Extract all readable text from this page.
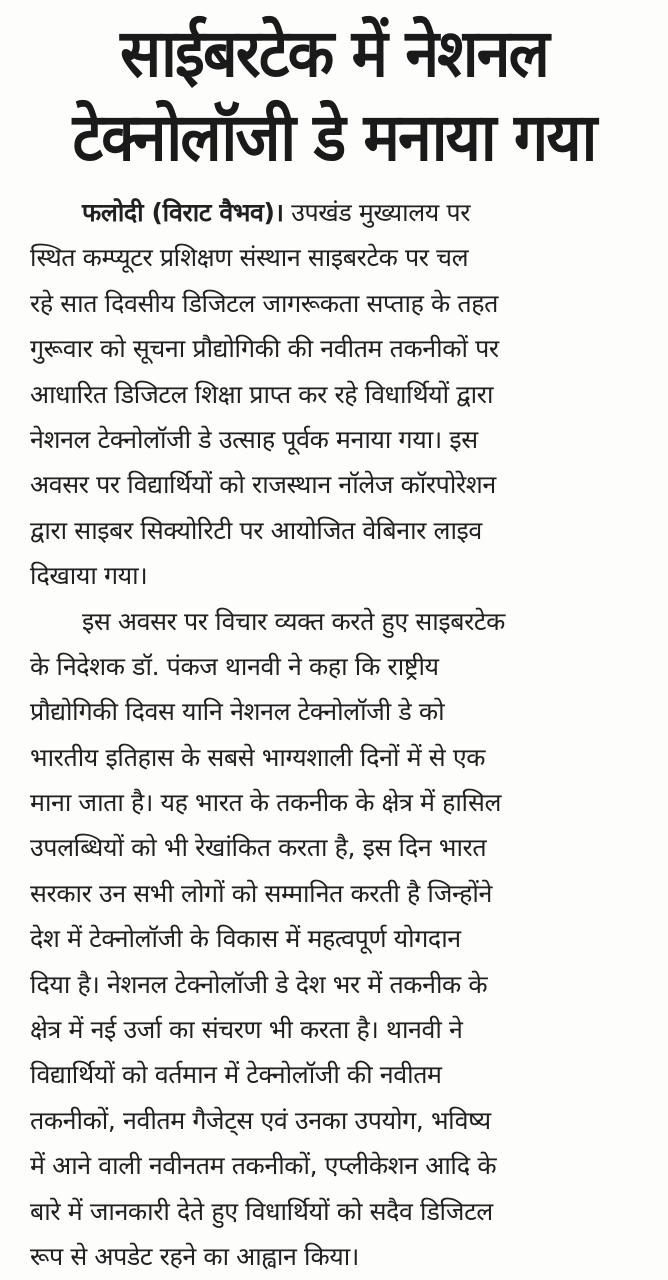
साईबरटेक में नेशनल
टेक्नोलॉजी डे मनाया गया
फलोदी (विराट वैभव)। उपखंड मुख्यालय पर
स्थित कम्प्यूटर प्रशिक्षण संस्थान साइबरटेक पर चल
रहे सात दिवसीय डिजिटल जागरूकता सप्ताह के तहत
गुरूवार को सूचना प्रौद्योगिकी की नवीतम तकनीकों पर
आधारित डिजिटल शिक्षा प्राप्त कर रहे विधार्थियों द्वारा
नेशनल टेक्नोलॉजी डे उत्साह पूर्वक मनाया गया। इस
अवसर पर विद्यार्थियों को राजस्थान नॉलेज कॉरपोरेशन
द्वारा साइबर सिक्योरिटी पर आयोजित वेबिनार लाइव
दिखाया गया।
इस अवसर पर विचार व्यक्त करते हुए साइबरटेक
के निदेशक डॉ. पंकज थानवी ने कहा कि राष्ट्रीय
प्रौद्योगिकी दिवस यानि नेशनल टेक्नोलॉजी डे को
भारतीय इतिहास के सबसे भाग्यशाली दिनों में से एक
माना जाता है। यह भारत के तकनीक के क्षेत्र में हासिल
उपलब्धियों को भी रेखांकित करता है, इस दिन भारत
सरकार उन सभी लोगों को सम्मानित करती है जिन्होंने
देश में टेक्नोलॉजी के विकास में महत्वपूर्ण योगदान
दिया है। नेशनल टेक्नोलॉजी डे देश भर में तकनीक के
क्षेत्र में नई उर्जा का संचरण भी करता है। थानवी ने
विद्यार्थियों को वर्तमान में टेक्नोलॉजी की नवीतम
तकनीकों, नवीतम गैजेट्स एवं उनका उपयोग, भविष्य
में आने वाली नवीनतम तकनीकों, एप्लीकेशन आदि के
बारे में जानकारी देते हुए विधार्थियों को सदैव डिजिटल
रूप से अपडेट रहने का आह्वान किया।
